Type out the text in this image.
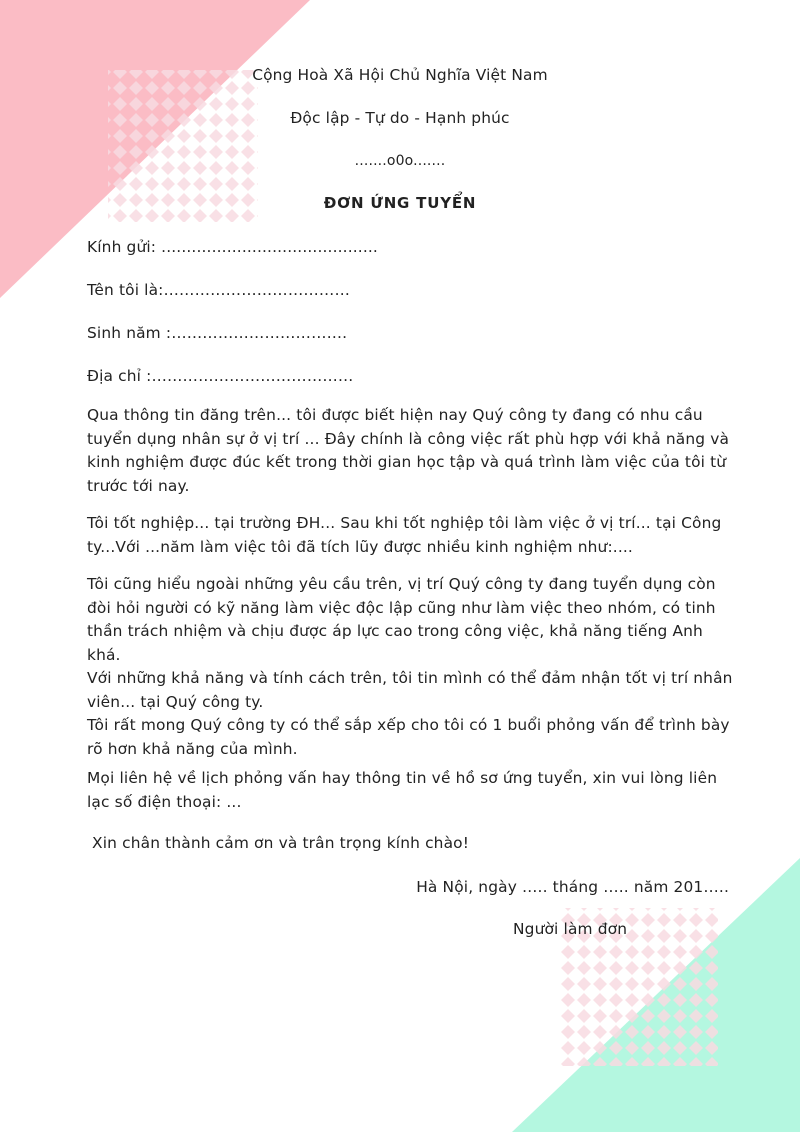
Cộng Hoà Xã Hội Chủ Nghĩa Việt Nam

Độc lập - Tự do - Hạnh phúc

.......o0o.......

ĐƠN ỨNG TUYỂN

Kính gửi: ...........................................

Tên tôi là:………………………………

Sinh năm :…………………………….

Địa chỉ :…………………………………

Qua thông tin đăng trên... tôi được biết hiện nay Quý công ty đang có nhu cầu
tuyển dụng nhân sự ở vị trí ... Đây chính là công việc rất phù hợp với khả năng và
kinh nghiệm được đúc kết trong thời gian học tập và quá trình làm việc của tôi từ
trước tới nay.
Tôi tốt nghiệp... tại trường ĐH... Sau khi tốt nghiệp tôi làm việc ở vị trí... tại Công
ty...Với ...năm làm việc tôi đã tích lũy được nhiều kinh nghiệm như:....
Tôi cũng hiểu ngoài những yêu cầu trên, vị trí Quý công ty đang tuyển dụng còn
đòi hỏi người có kỹ năng làm việc độc lập cũng như làm việc theo nhóm, có tinh
thần trách nhiệm và chịu được áp lực cao trong công việc, khả năng tiếng Anh
khá.
Với những khả năng và tính cách trên, tôi tin mình có thể đảm nhận tốt vị trí nhân
viên... tại Quý công ty.
Tôi rất mong Quý công ty có thể sắp xếp cho tôi có 1 buổi phỏng vấn để trình bày
rõ hơn khả năng của mình.
Mọi liên hệ về lịch phỏng vấn hay thông tin về hồ sơ ứng tuyển, xin vui lòng liên
lạc số điện thoại: ...

Xin chân thành cảm ơn và trân trọng kính chào!

Hà Nội, ngày ….. tháng ….. năm 201…..

Người làm đơn
